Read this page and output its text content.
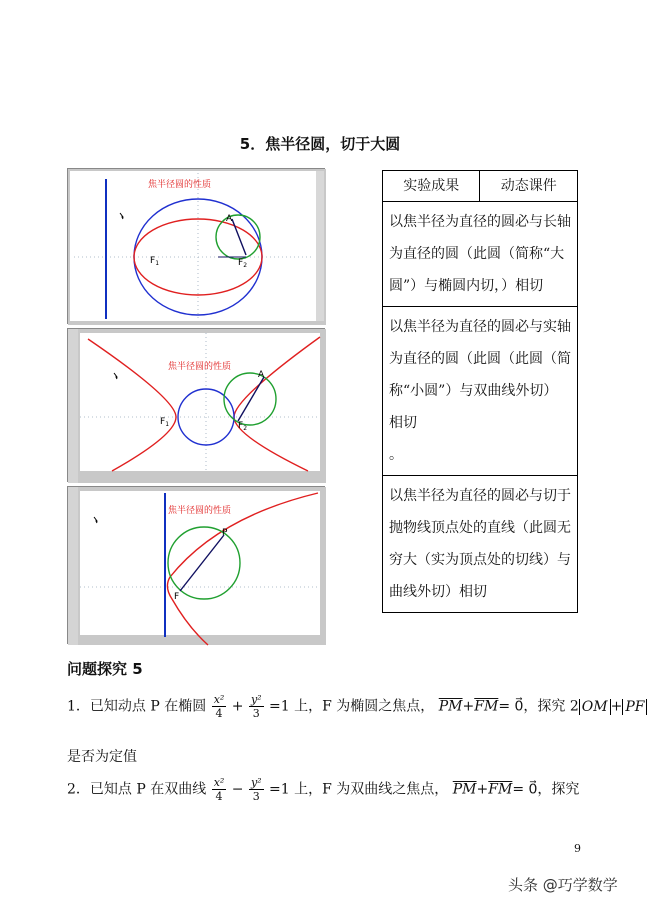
5．焦半径圆，切于大圆
焦半径圆的性质
A
$F_1$	$F_2$
焦半径圆的性质
A
$F_1$	$F_2$
焦半径圆的性质
P
F
实验成果	动态课件
以焦半径为直径的圆必与长轴为直径的圆（此圆（简称“大圆”）与椭圆内切，）相切
以焦半径为直径的圆必与实轴为直径的圆（此圆（此圆（简称“小圆”）与双曲线外切）相切
。
以焦半径为直径的圆必与切于抛物线顶点处的直线（此圆无穷大（实为顶点处的切线）与曲线外切）相切
问题探究 5
1．已知动点 P 在椭圆 $\frac{\text{x²}}{4} + \frac{\text{y²}}{3} =1$ 上，F 为椭圆之焦点， $\overline{PM}+\overline{FM}=$ 0⃗，探究 2 OM + PF
是否为定值
2．已知点 P 在双曲线 $\frac{\text{x²}}{4} - \frac{\text{y²}}{3} =1$ 上，F 为双曲线之焦点， $\overline{PM}+\overline{FM}=$ 0⃗，探究
9
头条 @巧学数学
